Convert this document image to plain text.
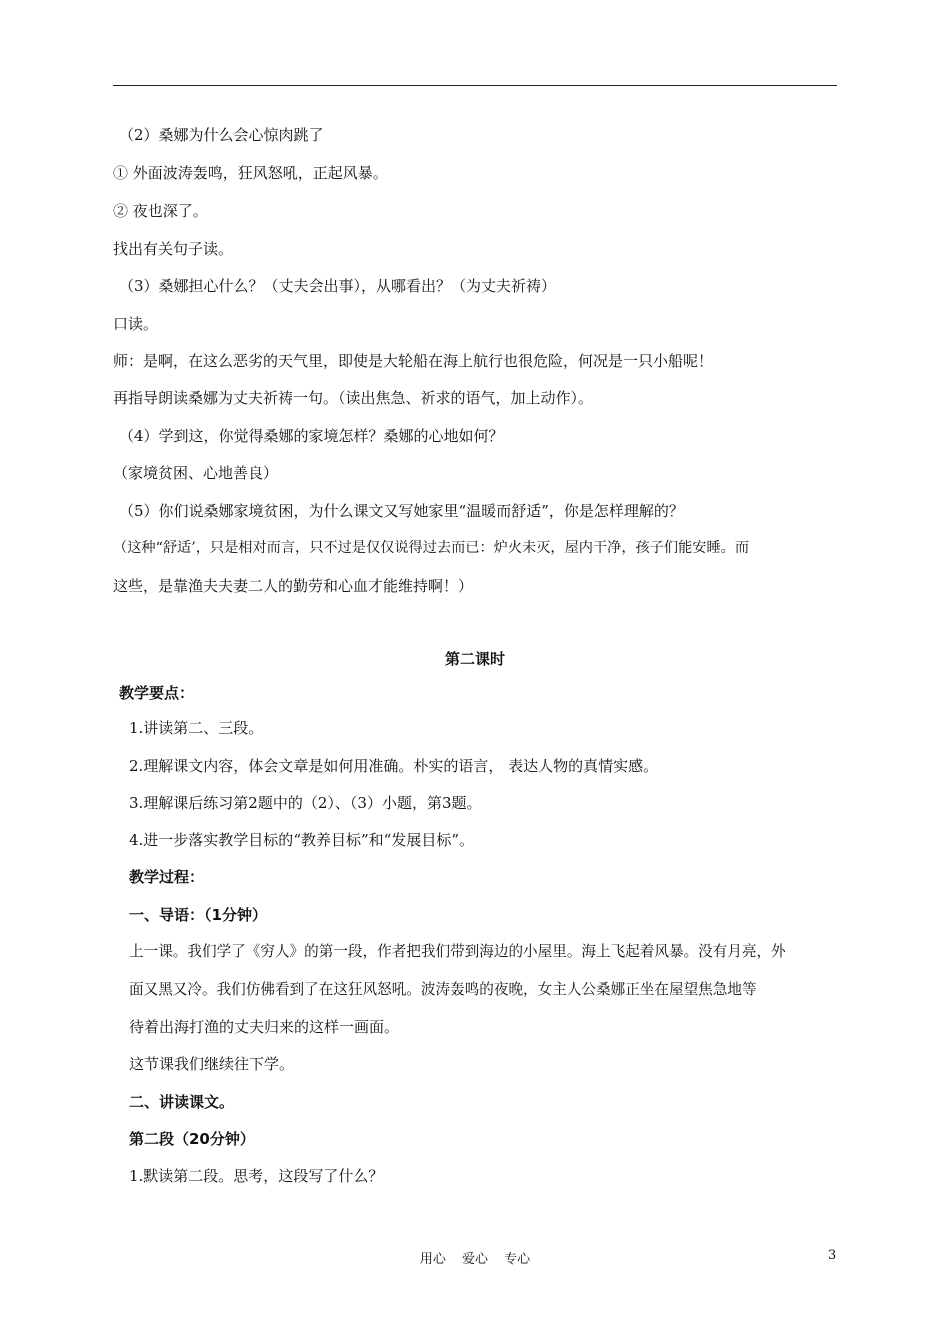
（2）桑娜为什么会心惊肉跳了
① 外面波涛轰鸣，狂风怒吼，正起风暴。
② 夜也深了。
找出有关句子读。
（3）桑娜担心什么？（丈夫会出事），从哪看出？（为丈夫祈祷）
口读。
师：是啊，在这么恶劣的天气里，即使是大轮船在海上航行也很危险，何况是一只小船呢！
再指导朗读桑娜为丈夫祈祷一句。（读出焦急、祈求的语气，加上动作）。
（4）学到这，你觉得桑娜的家境怎样？桑娜的心地如何？
（家境贫困、心地善良）
（5）你们说桑娜家境贫困，为什么课文又写她家里“温暖而舒适”，你是怎样理解的？
（这种“舒适’，只是相对而言，只不过是仅仅说得过去而已：炉火未灭，屋内干净，孩子们能安睡。而
这些，是靠渔夫夫妻二人的勤劳和心血才能维持啊！）
第二课时
教学要点：
1.讲读第二、三段。
2.理解课文内容，体会文章是如何用准确。朴实的语言， 表达人物的真情实感。
3.理解课后练习第2题中的（2）、（3）小题，第3题。
4.进一步落实教学目标的“教养目标”和“发展目标”。
教学过程：
一、导语：（1分钟）
上一课。我们学了《穷人》的第一段，作者把我们带到海边的小屋里。海上飞起着风暴。没有月亮，外
面又黑又冷。我们仿佛看到了在这狂风怒吼。波涛轰鸣的夜晚，女主人公桑娜正坐在屋望焦急地等
待着出海打渔的丈夫归来的这样一画面。
这节课我们继续往下学。
二、讲读课文。
第二段（20分钟）
1.默读第二段。思考，这段写了什么？
用心 爱心 专心	3
